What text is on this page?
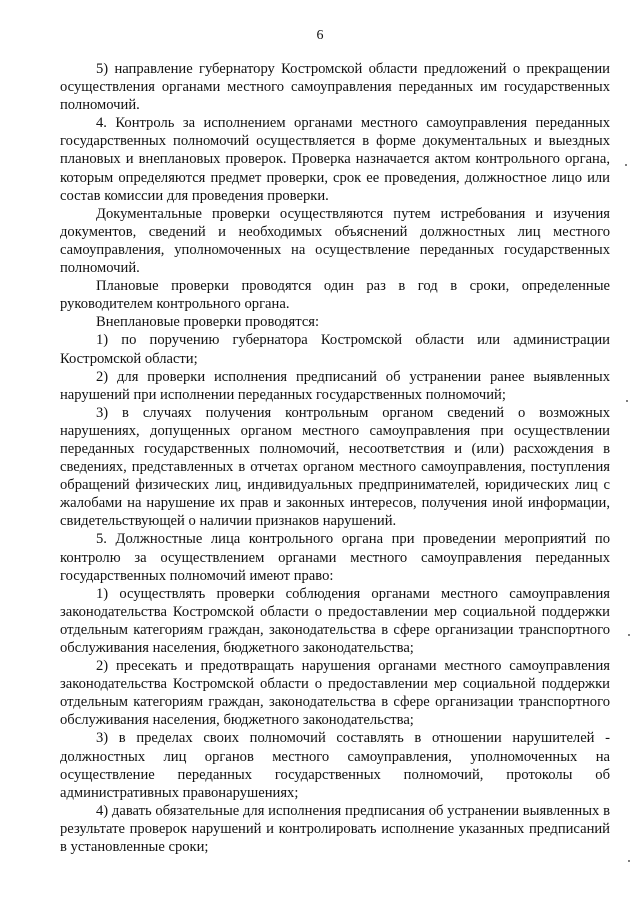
6

5) направление губернатору Костромской области предложений о прекращении осуществления органами местного самоуправления переданных им государственных полномочий.

4. Контроль за исполнением органами местного самоуправления переданных государственных полномочий осуществляется в форме документальных и выездных плановых и внеплановых проверок. Проверка назначается актом контрольного органа, которым определяются предмет проверки, срок ее проведения, должностное лицо или состав комиссии для проведения проверки.

Документальные проверки осуществляются путем истребования и изучения документов, сведений и необходимых объяснений должностных лиц местного самоуправления, уполномоченных на осуществление переданных государственных полномочий.

Плановые проверки проводятся один раз в год в сроки, определенные руководителем контрольного органа.

Внеплановые проверки проводятся:

1) по поручению губернатора Костромской области или администрации Костромской области;

2) для проверки исполнения предписаний об устранении ранее выявленных нарушений при исполнении переданных государственных полномочий;

3) в случаях получения контрольным органом сведений о возможных нарушениях, допущенных органом местного самоуправления при осуществлении переданных государственных полномочий, несоответствия и (или) расхождения в сведениях, представленных в отчетах органом местного самоуправления, поступления обращений физических лиц, индивидуальных предпринимателей, юридических лиц с жалобами на нарушение их прав и законных интересов, получения иной информации, свидетельствующей о наличии признаков нарушений.

5. Должностные лица контрольного органа при проведении мероприятий по контролю за осуществлением органами местного самоуправления переданных государственных полномочий имеют право:

1) осуществлять проверки соблюдения органами местного самоуправления законодательства Костромской области о предоставлении мер социальной поддержки отдельным категориям граждан, законодательства в сфере организации транспортного обслуживания населения, бюджетного законодательства;

2) пресекать и предотвращать нарушения органами местного самоуправления законодательства Костромской области о предоставлении мер социальной поддержки отдельным категориям граждан, законодательства в сфере организации транспортного обслуживания населения, бюджетного законодательства;

3) в пределах своих полномочий составлять в отношении нарушителей - должностных лиц органов местного самоуправления, уполномоченных на осуществление переданных государственных полномочий, протоколы об административных правонарушениях;

4) давать обязательные для исполнения предписания об устранении выявленных в результате проверок нарушений и контролировать исполнение указанных предписаний в установленные сроки;
